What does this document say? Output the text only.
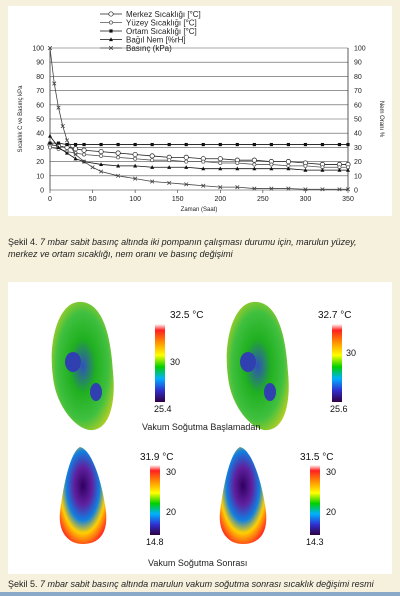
0	0
10	10
20	20
30	30
40	40
50	50
60	60
70	70
80	80
90	90
100	100
0	50	100	150	200	250	300	350
Zaman (Saat)
Sıcaklık C ve Basınç kPa	Nem Oranı %
Merkez Sıcaklığı [°C]
Yüzey Sıcaklığı [°C]
Ortam Sıcaklığı [°C]
Bağıl Nem [%rH]
Basınç (kPa)
Şekil 4. 7 mbar sabit basınç altında iki pompanın çalışması durumu için, marulun yüzey, merkez ve ortam sıcaklığı, nem oranı ve basınç değişimi
32.5 °C
30
25.4
32.7 °C
30
25.6
31.9 °C
30
20
14.8
31.5 °C
30
20
14.3
Vakum Soğutma Başlamadan
Vakum Soğutma Sonrası
Şekil 5. 7 mbar sabit basınç altında marulun vakum soğutma sonrası sıcaklık değişimi resmi
